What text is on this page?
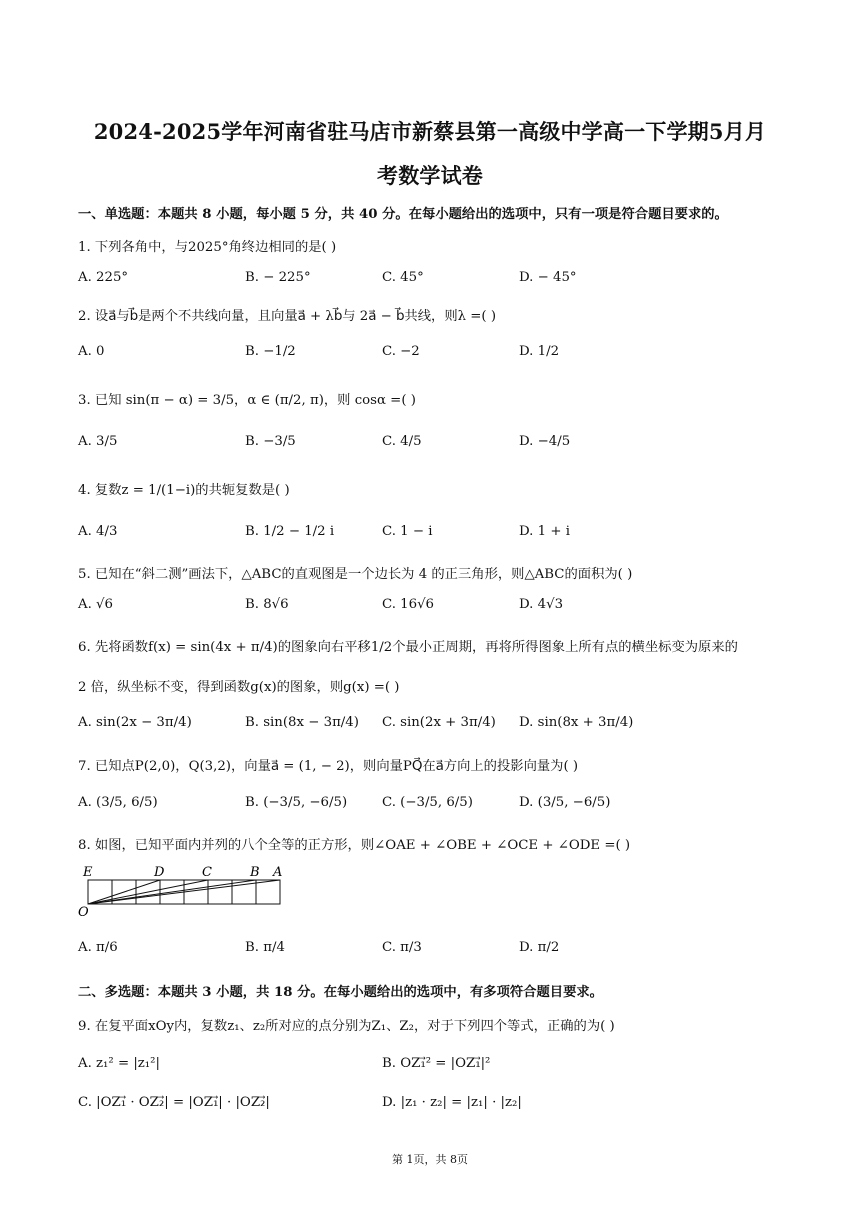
2024-2025学年河南省驻马店市新蔡县第一高级中学高一下学期5月月
考数学试卷
一、单选题：本题共 8 小题，每小题 5 分，共 40 分。在每小题给出的选项中，只有一项是符合题目要求的。
1. 下列各角中，与2025°角终边相同的是( )
A. 225°	B. − 225°	C. 45°	D. − 45°
2. 设a⃗与b⃗是两个不共线向量，且向量a⃗ + λb⃗与 2a⃗ − b⃗共线，则λ =( )
A. 0	B. −1/2	C. −2	D. 1/2
3. 已知 sin(π − α) = 3/5，α ∈ (π/2, π)，则 cosα =( )
A. 3/5	B. −3/5	C. 4/5	D. −4/5
4. 复数z = 1/(1−i)的共轭复数是( )
A. 4/3	B. 1/2 − 1/2 i	C. 1 − i	D. 1 + i
5. 已知在“斜二测”画法下，△ABC的直观图是一个边长为 4 的正三角形，则△ABC的面积为( )
A. √6	B. 8√6	C. 16√6	D. 4√3
6. 先将函数f(x) = sin(4x + π/4)的图象向右平移1/2个最小正周期，再将所得图象上所有点的横坐标变为原来的
2 倍，纵坐标不变，得到函数g(x)的图象，则g(x) =( )
A. sin(2x − 3π/4)	B. sin(8x − 3π/4) C. sin(2x + 3π/4) D. sin(8x + 3π/4)
7. 已知点P(2,0)，Q(3,2)，向量a⃗ = (1, − 2)，则向量PQ⃗在a⃗方向上的投影向量为( )
A. (3/5, 6/5)	B. (−3/5, −6/5)	C. (−3/5, 6/5)	D. (3/5, −6/5)
8. 如图，已知平面内并列的八个全等的正方形，则∠OAE + ∠OBE + ∠OCE + ∠ODE =( )
E	D	C	B A
O
A. π/6	B. π/4	C. π/3	D. π/2
二、多选题：本题共 3 小题，共 18 分。在每小题给出的选项中，有多项符合题目要求。
9. 在复平面xOy内，复数z₁、z₂所对应的点分别为Z₁、Z₂，对于下列四个等式，正确的为( )
A. z₁² = |z₁²|	B. OZ₁⃗² = |OZ₁⃗|²
C. |OZ₁⃗ · OZ₂⃗| = |OZ₁⃗| · |OZ₂⃗|	D. |z₁ · z₂| = |z₁| · |z₂|
第 1页，共 8页
